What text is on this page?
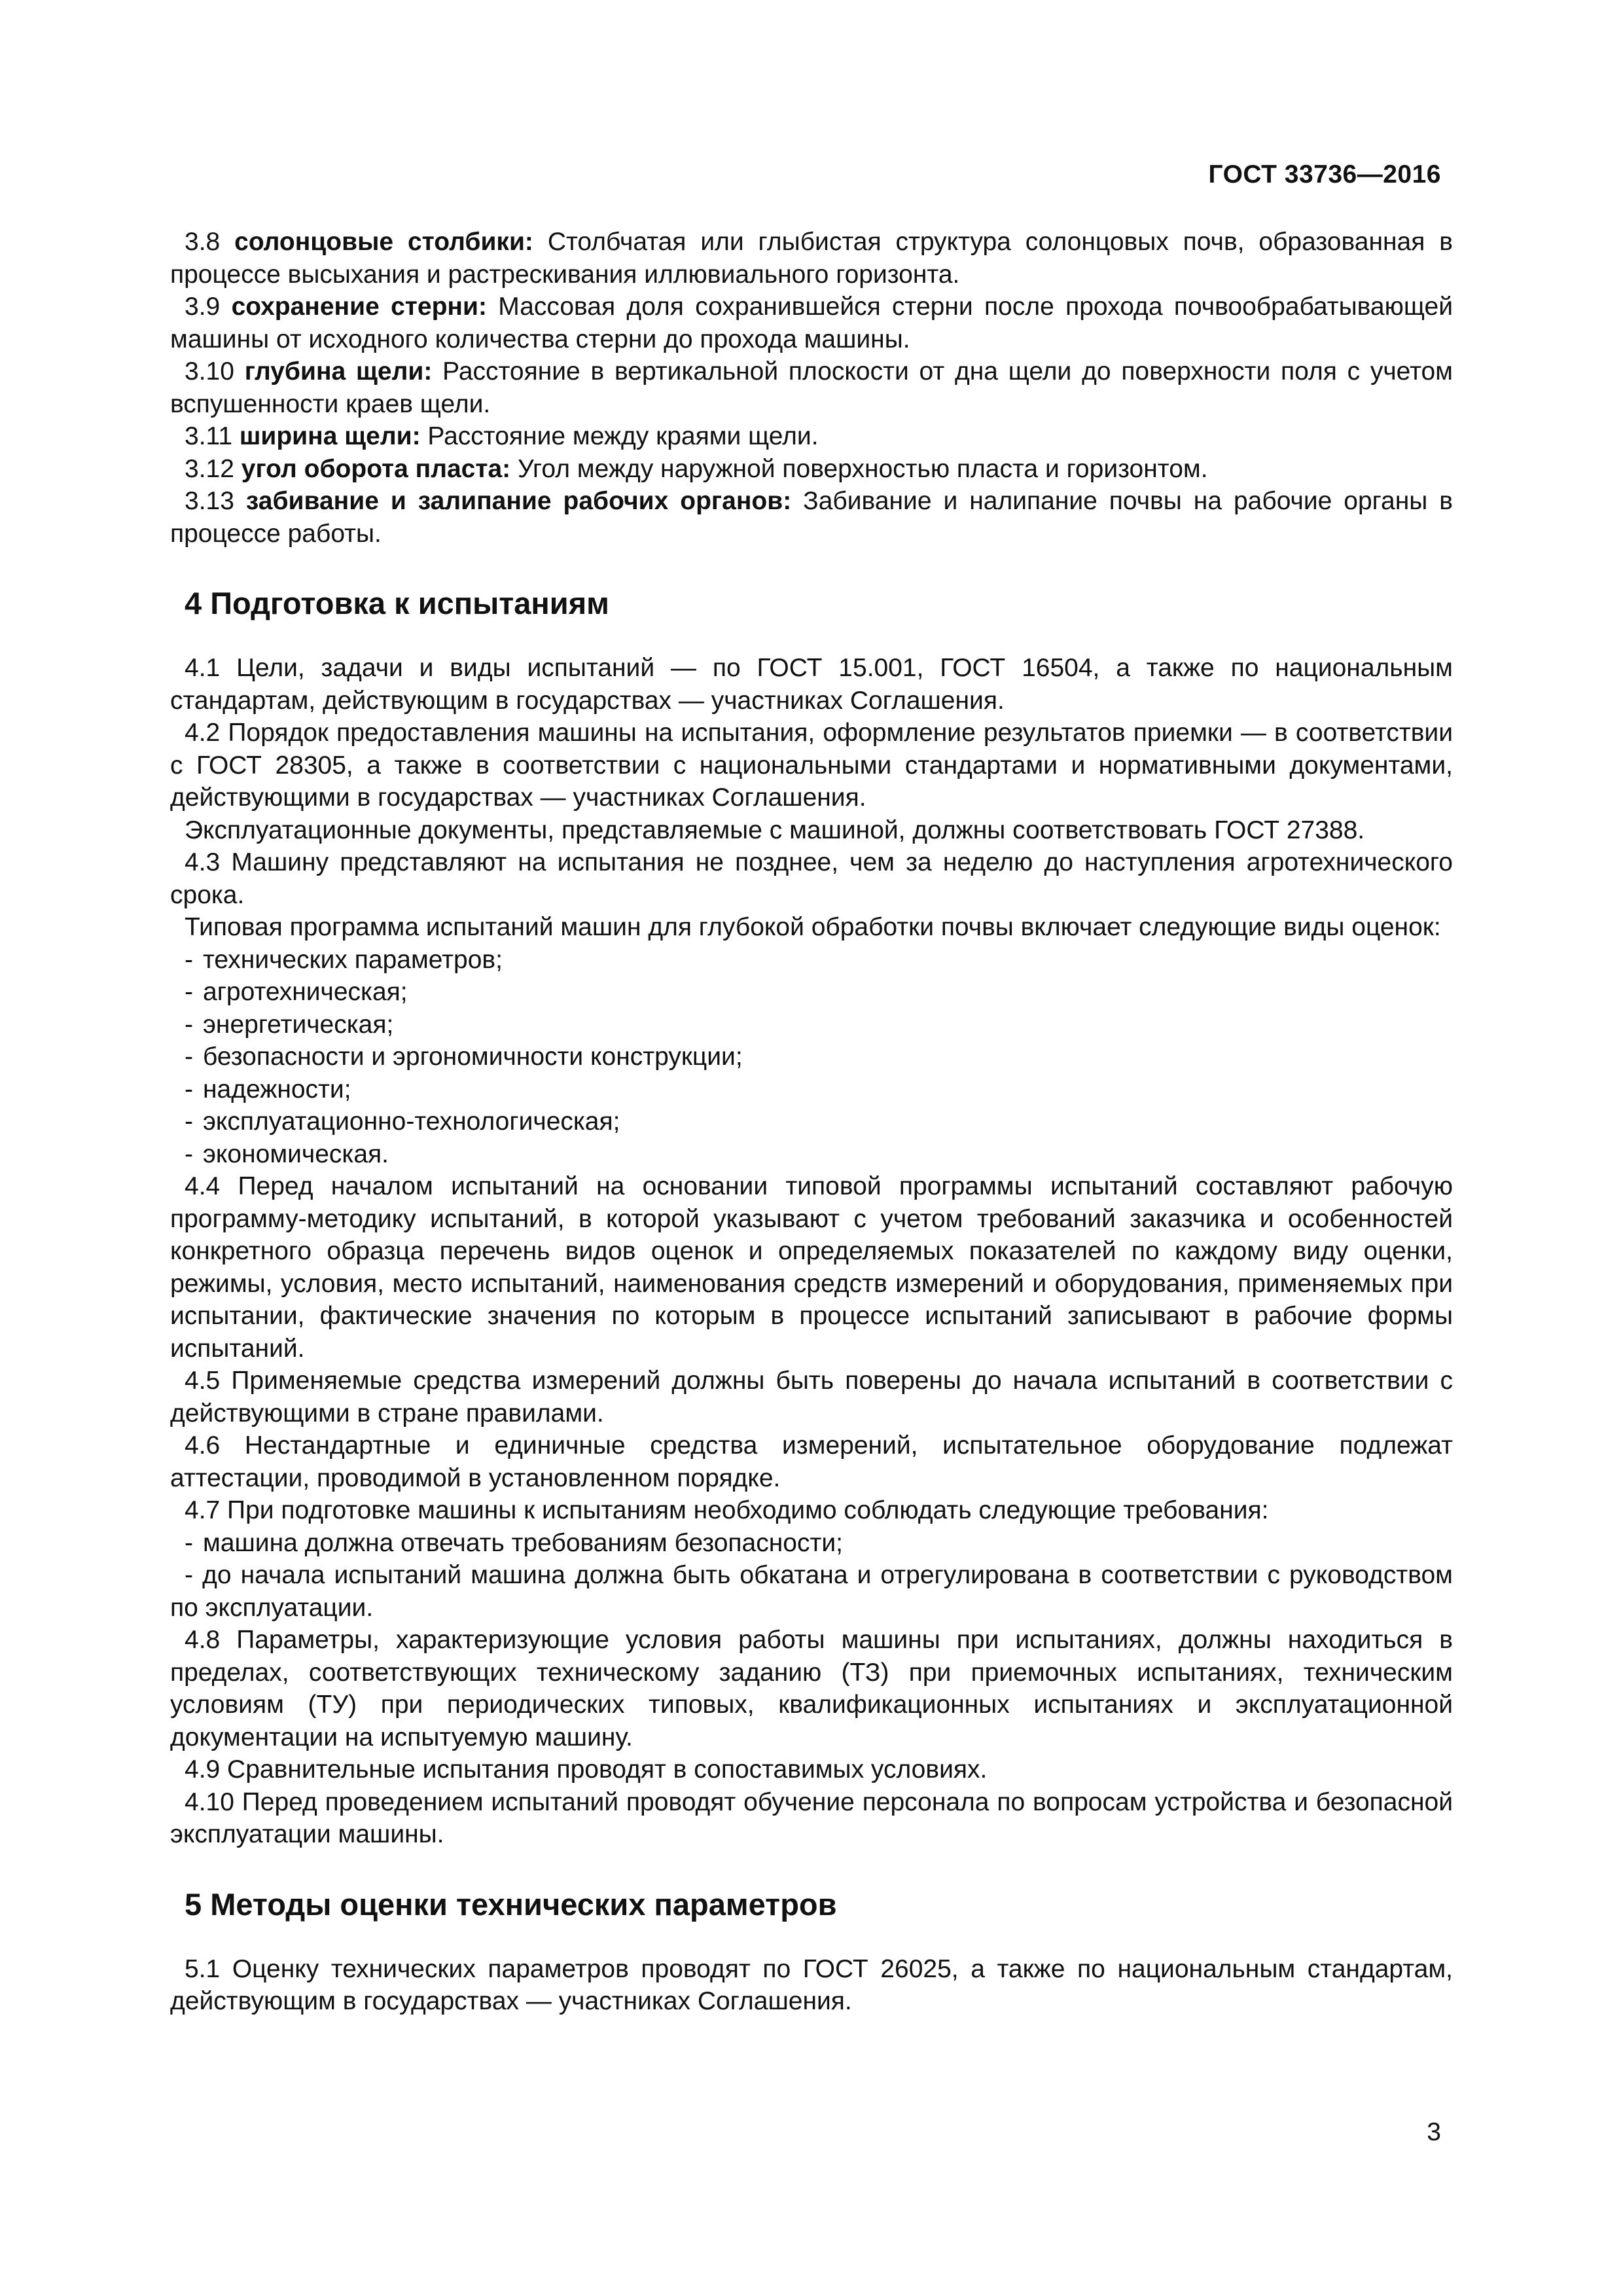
ГОСТ 33736—2016

3.8 солонцовые столбики: Столбчатая или глыбистая структура солонцовых почв, образованная в процессе высыхания и растрескивания иллювиального горизонта.

3.9 сохранение стерни: Массовая доля сохранившейся стерни после прохода почвообрабатывающей машины от исходного количества стерни до прохода машины.

3.10 глубина щели: Расстояние в вертикальной плоскости от дна щели до поверхности поля с учетом вспушенности краев щели.

3.11 ширина щели: Расстояние между краями щели.

3.12 угол оборота пласта: Угол между наружной поверхностью пласта и горизонтом.

3.13 забивание и залипание рабочих органов: Забивание и налипание почвы на рабочие органы в процессе работы.

4 Подготовка к испытаниям

4.1 Цели, задачи и виды испытаний — по ГОСТ 15.001, ГОСТ 16504, а также по национальным стандартам, действующим в государствах — участниках Соглашения.

4.2 Порядок предоставления машины на испытания, оформление результатов приемки — в соответствии с ГОСТ 28305, а также в соответствии с национальными стандартами и нормативными документами, действующими в государствах — участниках Соглашения.

Эксплуатационные документы, представляемые с машиной, должны соответствовать ГОСТ 27388.

4.3 Машину представляют на испытания не позднее, чем за неделю до наступления агротехнического срока.

Типовая программа испытаний машин для глубокой обработки почвы включает следующие виды оценок:

- технических параметров;

- агротехническая;

- энергетическая;

- безопасности и эргономичности конструкции;

- надежности;

- эксплуатационно-технологическая;

- экономическая.

4.4 Перед началом испытаний на основании типовой программы испытаний составляют рабочую программу-методику испытаний, в которой указывают с учетом требований заказчика и особенностей конкретного образца перечень видов оценок и определяемых показателей по каждому виду оценки, режимы, условия, место испытаний, наименования средств измерений и оборудования, применяемых при испытании, фактические значения по которым в процессе испытаний записывают в рабочие формы испытаний.

4.5 Применяемые средства измерений должны быть поверены до начала испытаний в соответствии с действующими в стране правилами.

4.6 Нестандартные и единичные средства измерений, испытательное оборудование подлежат аттестации, проводимой в установленном порядке.

4.7 При подготовке машины к испытаниям необходимо соблюдать следующие требования:

- машина должна отвечать требованиям безопасности;

- до начала испытаний машина должна быть обкатана и отрегулирована в соответствии с руководством по эксплуатации.

4.8 Параметры, характеризующие условия работы машины при испытаниях, должны находиться в пределах, соответствующих техническому заданию (ТЗ) при приемочных испытаниях, техническим условиям (ТУ) при периодических типовых, квалификационных испытаниях и эксплуатационной документации на испытуемую машину.

4.9 Сравнительные испытания проводят в сопоставимых условиях.

4.10 Перед проведением испытаний проводят обучение персонала по вопросам устройства и безопасной эксплуатации машины.

5 Методы оценки технических параметров

5.1 Оценку технических параметров проводят по ГОСТ 26025, а также по национальным стандартам, действующим в государствах — участниках Соглашения.

3
